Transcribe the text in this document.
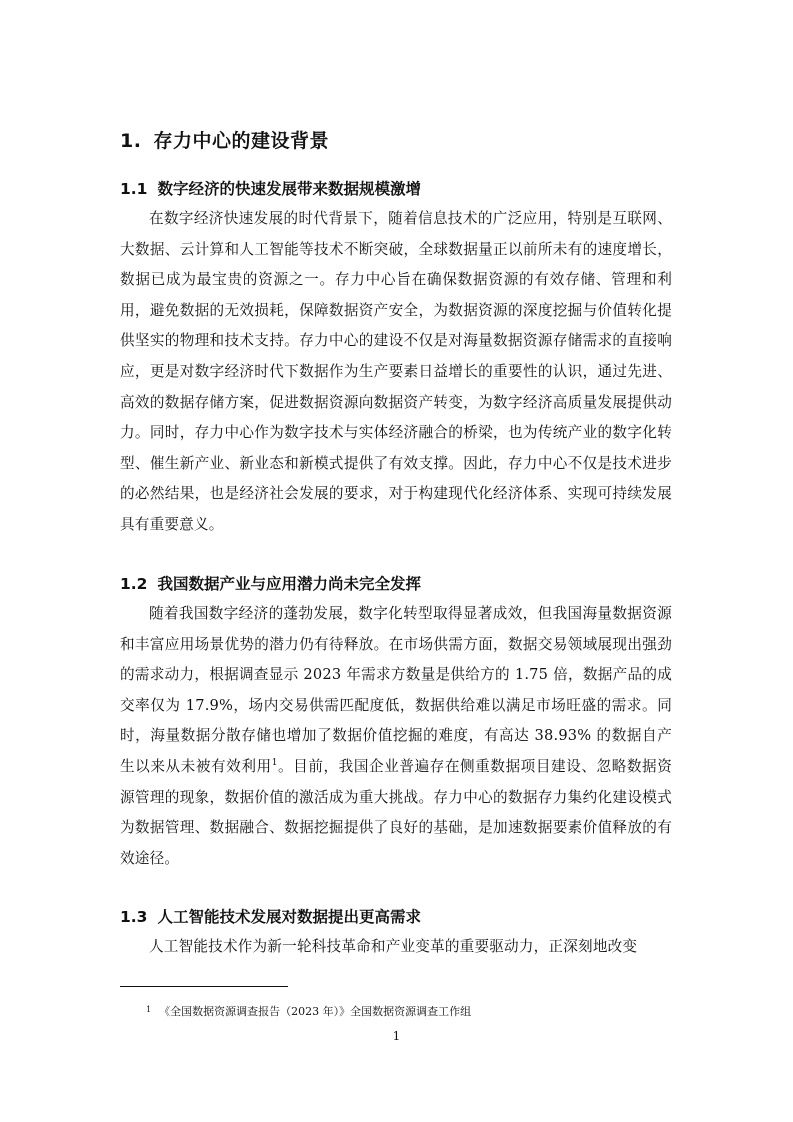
1. 存力中心的建设背景
1.1 数字经济的快速发展带来数据规模激增

在数字经济快速发展的时代背景下，随着信息技术的广泛应用，特别是互联网、大数据、云计算和人工智能等技术不断突破，全球数据量正以前所未有的速度增长，数据已成为最宝贵的资源之一。存力中心旨在确保数据资源的有效存储、管理和利用，避免数据的无效损耗，保障数据资产安全，为数据资源的深度挖掘与价值转化提供坚实的物理和技术支持。存力中心的建设不仅是对海量数据资源存储需求的直接响应，更是对数字经济时代下数据作为生产要素日益增长的重要性的认识，通过先进、高效的数据存储方案，促进数据资源向数据资产转变，为数字经济高质量发展提供动力。同时，存力中心作为数字技术与实体经济融合的桥梁，也为传统产业的数字化转型、催生新产业、新业态和新模式提供了有效支撑。因此，存力中心不仅是技术进步的必然结果，也是经济社会发展的要求，对于构建现代化经济体系、实现可持续发展具有重要意义。

1.2 我国数据产业与应用潜力尚未完全发挥

随着我国数字经济的蓬勃发展，数字化转型取得显著成效，但我国海量数据资源和丰富应用场景优势的潜力仍有待释放。在市场供需方面，数据交易领域展现出强劲的需求动力，根据调查显示 2023 年需求方数量是供给方的 1.75 倍，数据产品的成交率仅为 17.9%，场内交易供需匹配度低，数据供给难以满足市场旺盛的需求。同时，海量数据分散存储也增加了数据价值挖掘的难度，有高达 38.93% 的数据自产生以来从未被有效利用$^1$。目前，我国企业普遍存在侧重数据项目建设、忽略数据资源管理的现象，数据价值的激活成为重大挑战。存力中心的数据存力集约化建设模式为数据管理、数据融合、数据挖掘提供了良好的基础，是加速数据要素价值释放的有效途径。

1.3 人工智能技术发展对数据提出更高需求

人工智能技术作为新一轮科技革命和产业变革的重要驱动力，正深刻地改变

$^1$ 《全国数据资源调查报告（2023 年）》全国数据资源调查工作组
1
